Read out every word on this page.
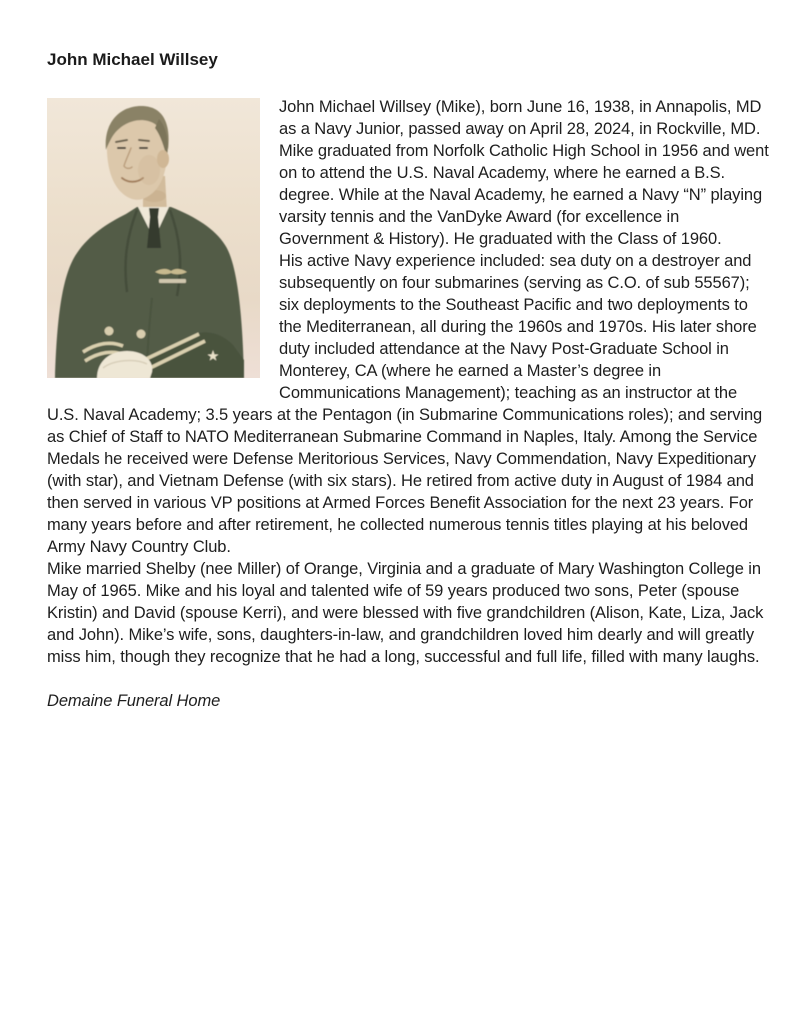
John Michael Willsey

John Michael Willsey (Mike), born June 16, 1938, in Annapolis, MD as a Navy Junior, passed away on April 28, 2024, in Rockville, MD. Mike graduated from Norfolk Catholic High School in 1956 and went on to attend the U.S. Naval Academy, where he earned a B.S. degree. While at the Naval Academy, he earned a Navy “N” playing varsity tennis and the VanDyke Award (for excellence in Government & History). He graduated with the Class of 1960.

His active Navy experience included: sea duty on a destroyer and subsequently on four submarines (serving as C.O. of sub 55567); six deployments to the Southeast Pacific and two deployments to the Mediterranean, all during the 1960s and 1970s. His later shore duty included attendance at the Navy Post-Graduate School in Monterey, CA (where he earned a Master’s degree in Communications Management); teaching as an instructor at the U.S. Naval Academy; 3.5 years at the Pentagon (in Submarine Communications roles); and serving as Chief of Staff to NATO Mediterranean Submarine Command in Naples, Italy. Among the Service Medals he received were Defense Meritorious Services, Navy Commendation, Navy Expeditionary (with star), and Vietnam Defense (with six stars). He retired from active duty in August of 1984 and then served in various VP positions at Armed Forces Benefit Association for the next 23 years. For many years before and after retirement, he collected numerous tennis titles playing at his beloved Army Navy Country Club.

Mike married Shelby (nee Miller) of Orange, Virginia and a graduate of Mary Washington College in May of 1965. Mike and his loyal and talented wife of 59 years produced two sons, Peter (spouse Kristin) and David (spouse Kerri), and were blessed with five grandchildren (Alison, Kate, Liza, Jack and John). Mike’s wife, sons, daughters-in-law, and grandchildren loved him dearly and will greatly miss him, though they recognize that he had a long, successful and full life, filled with many laughs.

Demaine Funeral Home
